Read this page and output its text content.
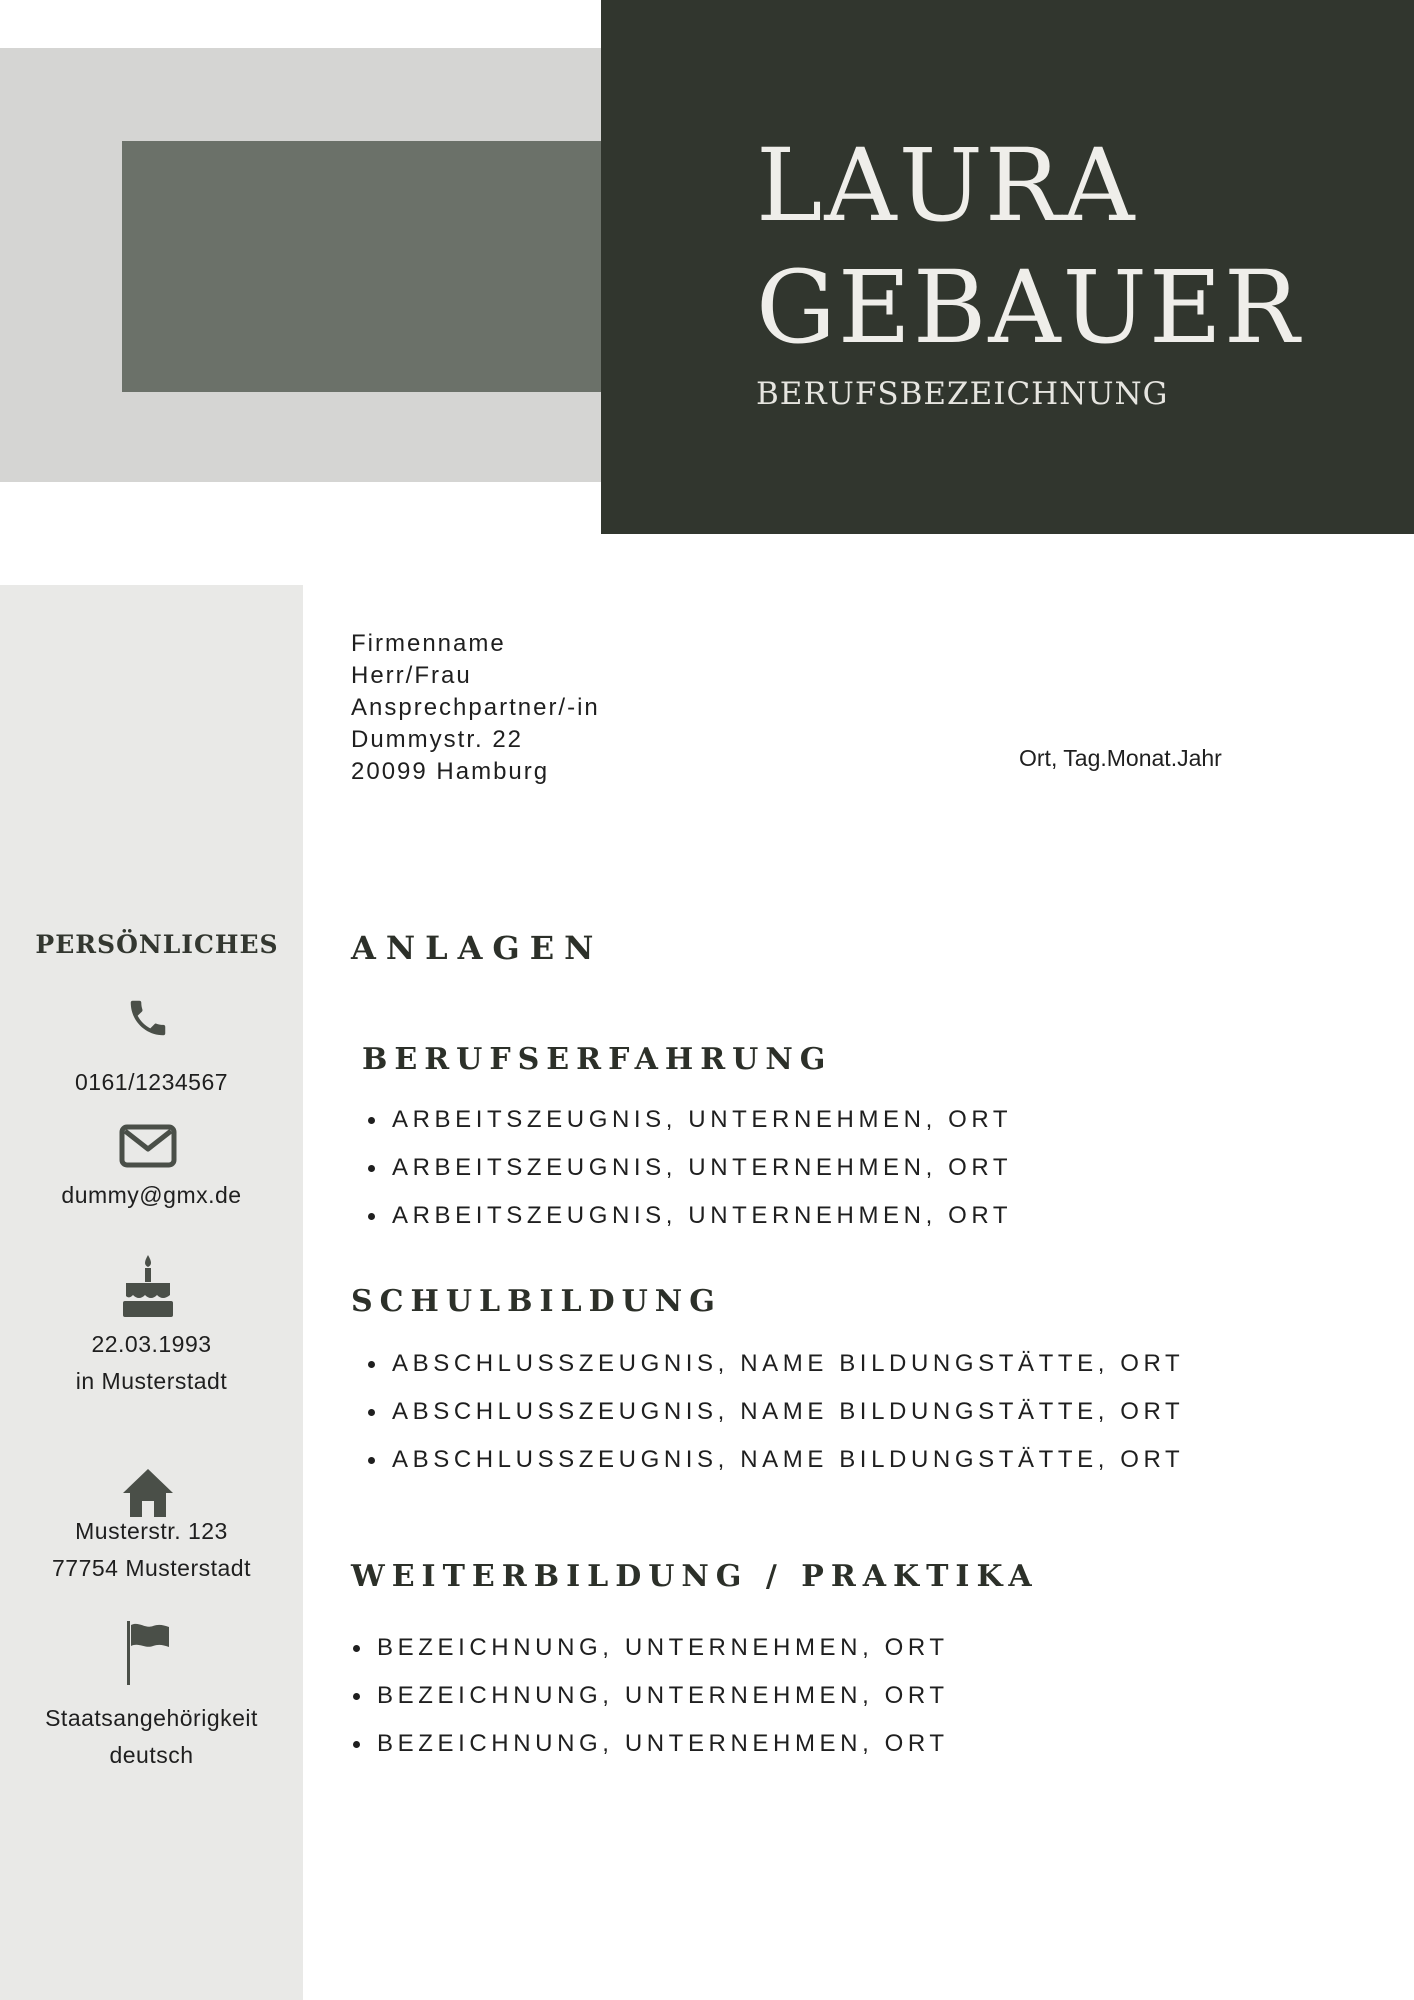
LAURA
GEBAUER
BERUFSBEZEICHNUNG
PERSÖNLICHES
0161/1234567
dummy@gmx.de
22.03.1993
in Musterstadt
Musterstr. 123
77754 Musterstadt
Staatsangehörigkeit
deutsch
Firmenname
Herr/Frau
Ansprechpartner/-in
Dummystr. 22
20099 Hamburg	Ort, Tag.Monat.Jahr
ANLAGEN
BERUFSERFAHRUNG
ARBEITSZEUGNIS, UNTERNEHMEN, ORT
ARBEITSZEUGNIS, UNTERNEHMEN, ORT
ARBEITSZEUGNIS, UNTERNEHMEN, ORT
SCHULBILDUNG
ABSCHLUSSZEUGNIS, NAME BILDUNGSTÄTTE, ORT
ABSCHLUSSZEUGNIS, NAME BILDUNGSTÄTTE, ORT
ABSCHLUSSZEUGNIS, NAME BILDUNGSTÄTTE, ORT
WEITERBILDUNG / PRAKTIKA
BEZEICHNUNG, UNTERNEHMEN, ORT
BEZEICHNUNG, UNTERNEHMEN, ORT
BEZEICHNUNG, UNTERNEHMEN, ORT
